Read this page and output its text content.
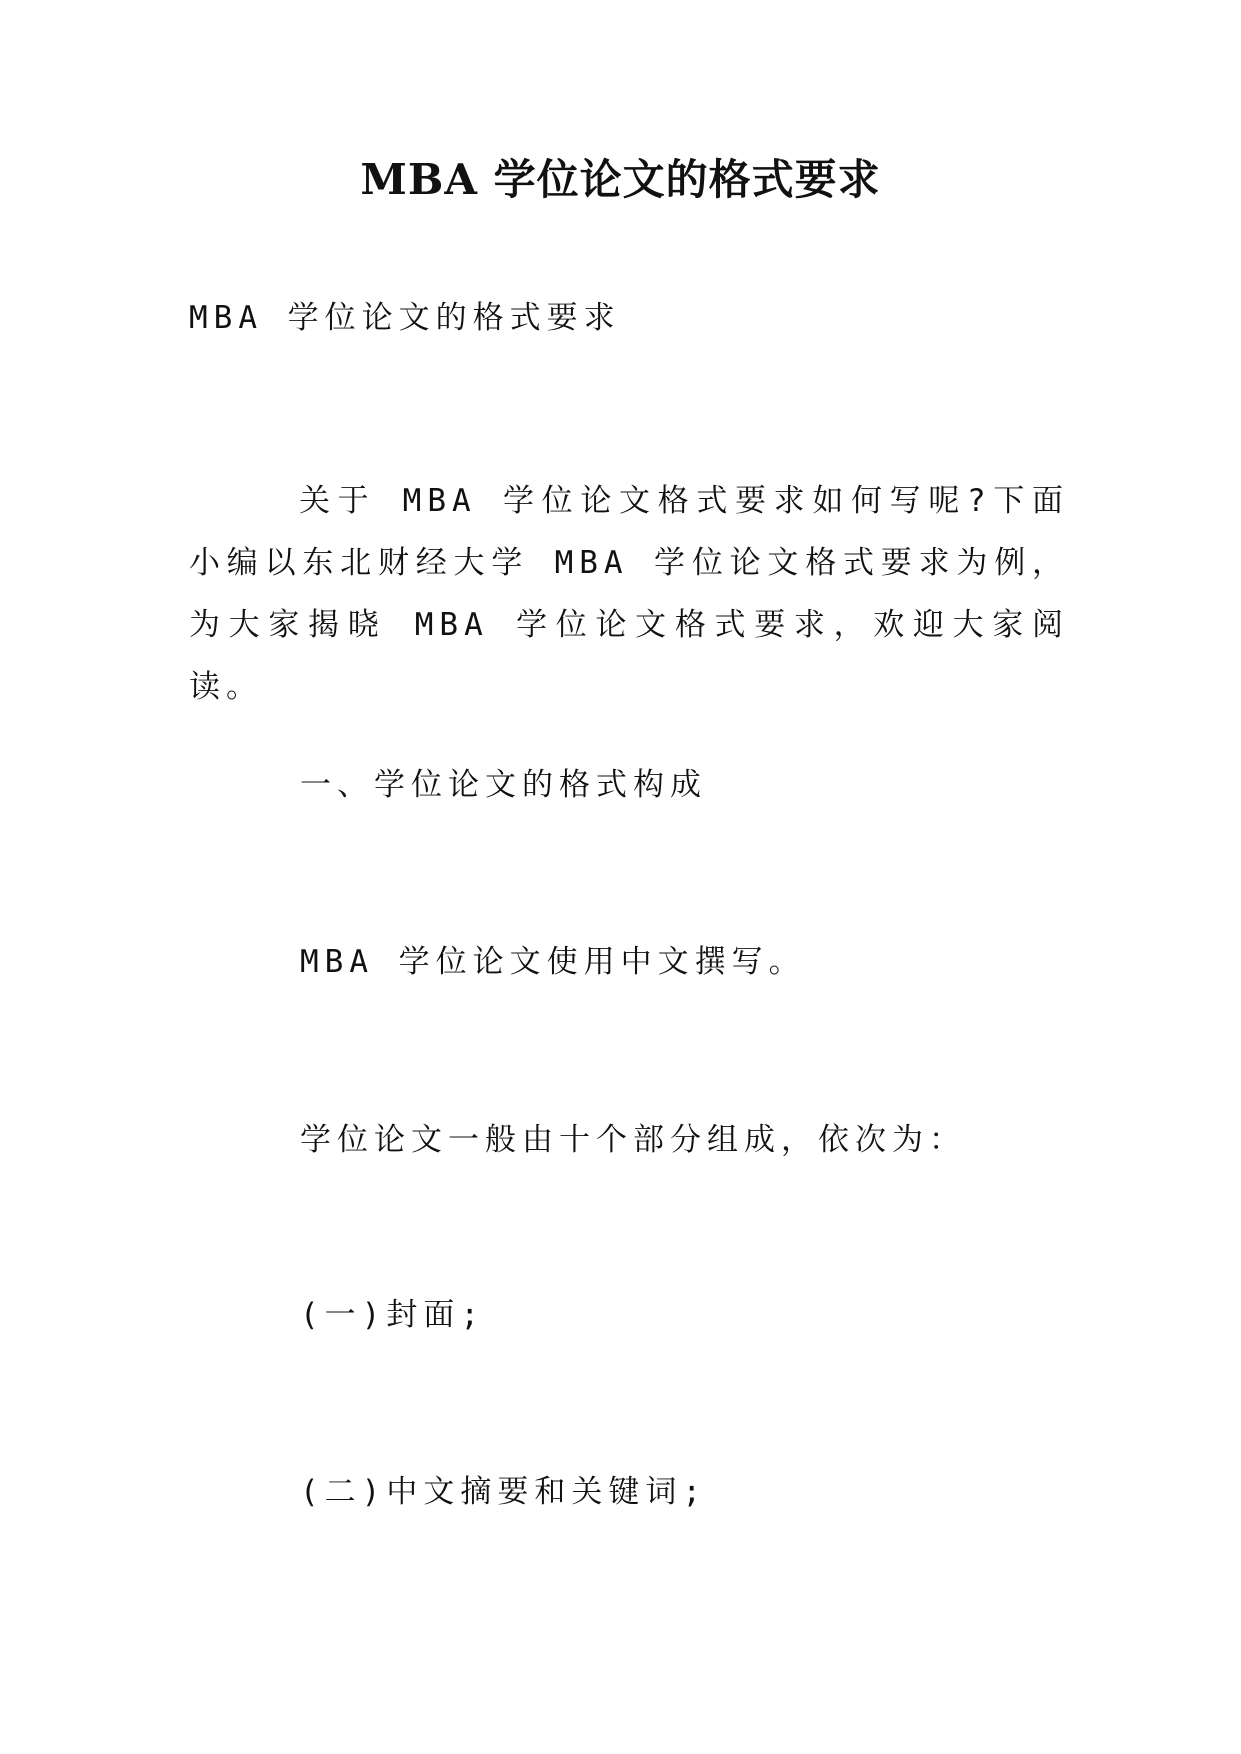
MBA 学位论文的格式要求

MBA 学位论文的格式要求

关于 MBA 学位论文格式要求如何写呢?下面小编以东北财经大学 MBA 学位论文格式要求为例，为大家揭晓 MBA 学位论文格式要求，欢迎大家阅读。

一、学位论文的格式构成

MBA 学位论文使用中文撰写。

学位论文一般由十个部分组成，依次为：

(一)封面;

(二)中文摘要和关键词;
